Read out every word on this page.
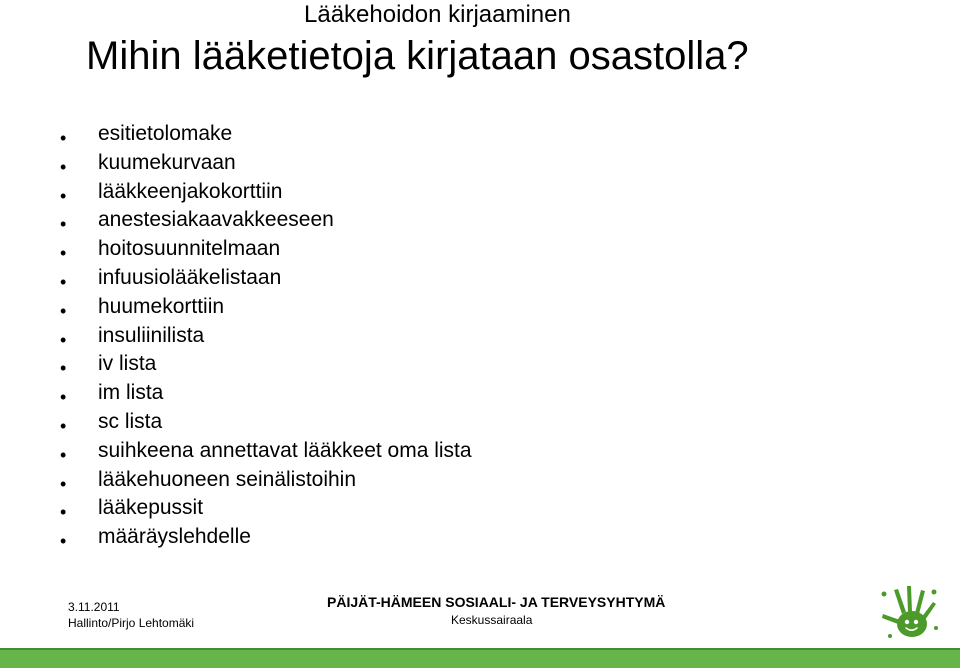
Lääkehoidon kirjaaminen
Mihin lääketietoja kirjataan osastolla?
• esitietolomake
• kuumekurvaan
• lääkkeenjakokorttiin
• anestesiakaavakkeeseen
• hoitosuunnitelmaan
• infuusiolääkelistaan
• huumekorttiin
• insuliinilista
• iv lista
• im lista
• sc lista
• suihkeena annettavat lääkkeet oma lista
• lääkehuoneen seinälistoihin
• lääkepussit
• määräyslehdelle
3.11.2011
Hallinto/Pirjo Lehtomäki
PÄIJÄT-HÄMEEN SOSIAALI- JA TERVEYSYHTYMÄ
Keskussairaala
